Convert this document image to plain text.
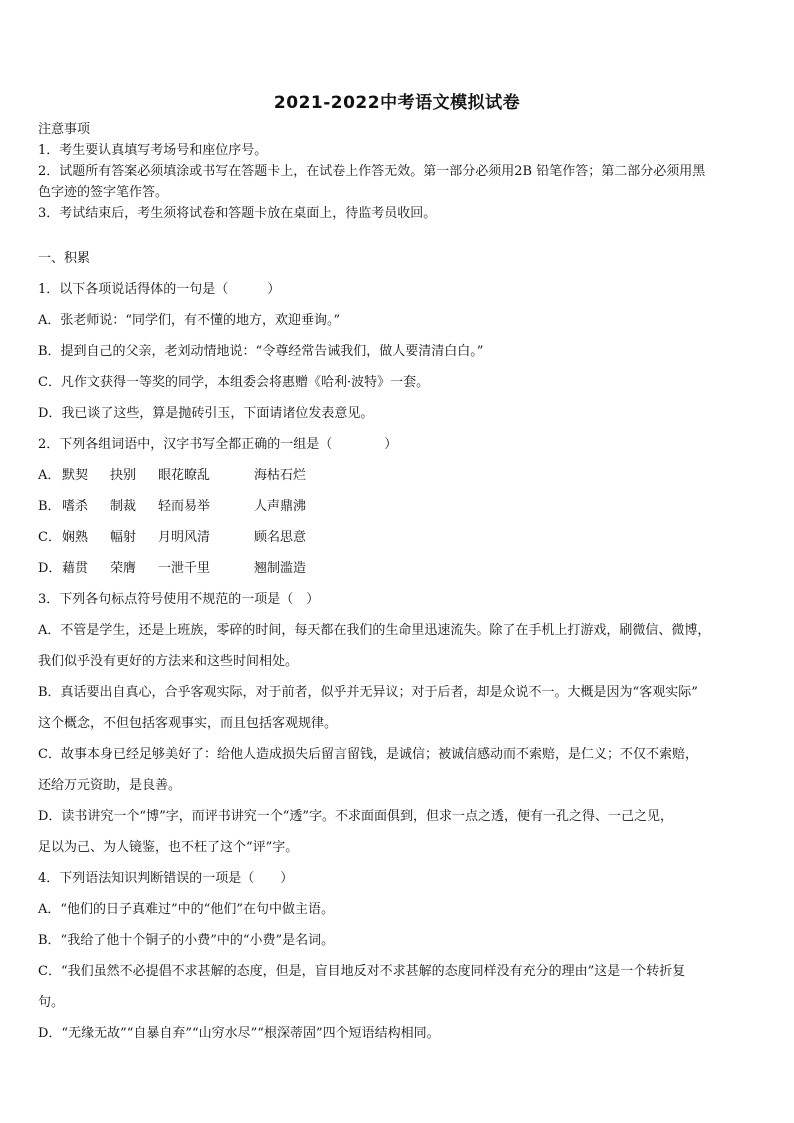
2021-2022中考语文模拟试卷
注意事项
1．考生要认真填写考场号和座位序号。
2．试题所有答案必须填涂或书写在答题卡上，在试卷上作答无效。第一部分必须用2B 铅笔作答；第二部分必须用黑
色字迹的签字笔作答。
3．考试结束后，考生须将试卷和答题卡放在桌面上，待监考员收回。
一、积累
1．以下各项说话得体的一句是（　　　）
A．张老师说：“同学们，有不懂的地方，欢迎垂询。”
B．提到自己的父亲，老刘动情地说：“令尊经常告诫我们，做人要清清白白。”
C．凡作文获得一等奖的同学，本组委会将惠赠《哈利·波特》一套。
D．我已谈了这些，算是抛砖引玉，下面请诸位发表意见。
2．下列各组词语中，汉字书写全都正确的一组是（　　　　）
A． 默契	抉别	眼花瞭乱	海枯石烂
B． 嗜杀	制裁	轻而易举	人声鼎沸
C． 娴熟	幅射	月明风清	顾名思意
D． 藉贯	荣膺	一泄千里	翘制滥造
3．下列各句标点符号使用不规范的一项是（　）
A．不管是学生，还是上班族，零碎的时间，每天都在我们的生命里迅速流失。除了在手机上打游戏，刷微信、微博，
我们似乎没有更好的方法来和这些时间相处。
B．真话要出自真心，合乎客观实际，对于前者，似乎并无异议；对于后者，却是众说不一。大概是因为“客观实际”
这个概念，不但包括客观事实，而且包括客观规律。
C．故事本身已经足够美好了：给他人造成损失后留言留钱，是诚信；被诚信感动而不索赔，是仁义；不仅不索赔，
还给万元资助，是良善。
D．读书讲究一个“博”字，而评书讲究一个“透”字。不求面面俱到，但求一点之透，便有一孔之得、一己之见，
足以为己、为人镜鉴，也不枉了这个“评”字。
4．下列语法知识判断错误的一项是（　　）
A．“他们的日子真难过”中的“他们”在句中做主语。
B．“我给了他十个铜子的小费”中的“小费”是名词。
C．“我们虽然不必提倡不求甚解的态度，但是，盲目地反对不求甚解的态度同样没有充分的理由”这是一个转折复
句。
D．“无缘无故”“自暴自弃”“山穷水尽”“根深蒂固”四个短语结构相同。
